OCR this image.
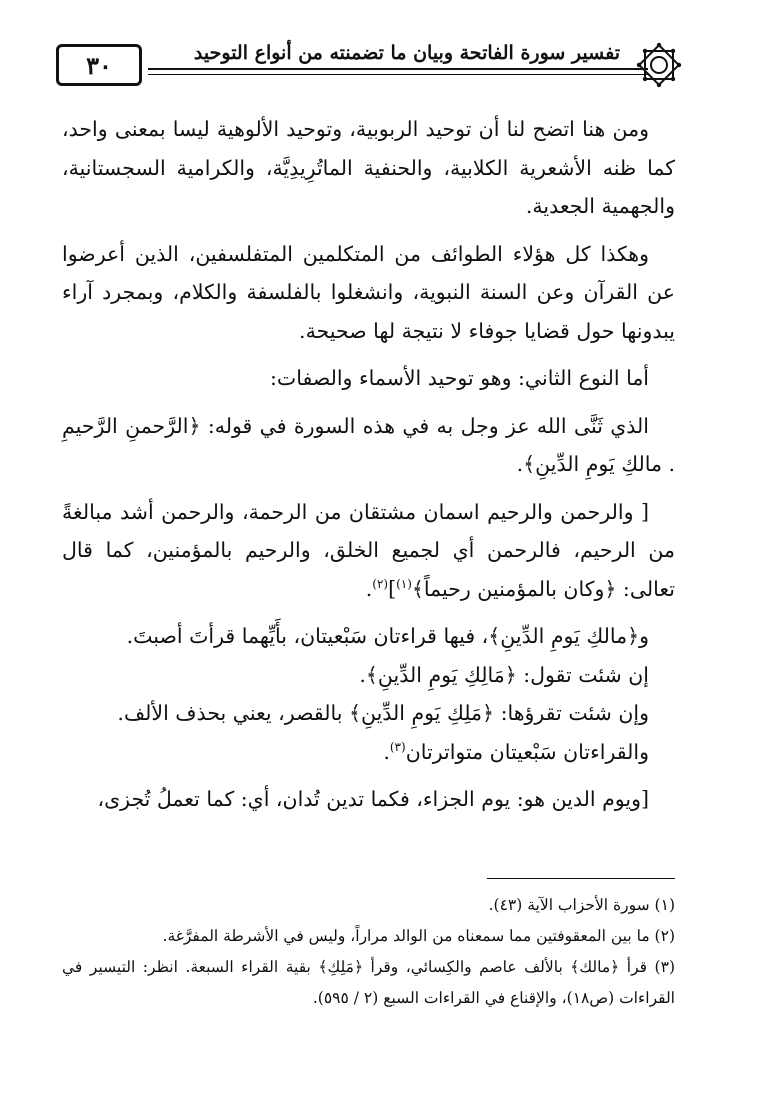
تفسير سورة الفاتحة وبيان ما تضمنته من أنواع التوحيد
٣٠

ومن هنا اتضح لنا أن توحيد الربوبية، وتوحيد الألوهية ليسا بمعنى واحد، كما ظنه الأشعرية الكلابية، والحنفية الماتُرِيدِيَّة، والكرامية السجستانية، والجهمية الجعدية.

وهكذا كل هؤلاء الطوائف من المتكلمين المتفلسفين، الذين أعرضوا عن القرآن وعن السنة النبوية، وانشغلوا بالفلسفة والكلام، وبمجرد آراء يبدونها حول قضايا جوفاء لا نتيجة لها صحيحة.

أما النوع الثاني: وهو توحيد الأسماء والصفات:

الذي ثَنَّى الله عز وجل به في هذه السورة في قوله: ﴿الرَّحمنِ الرَّحيمِ . مالكِ يَومِ الدِّينِ﴾.

[ والرحمن والرحيم اسمان مشتقان من الرحمة، والرحمن أشد مبالغةً من الرحيم، فالرحمن أي لجميع الخلق، والرحيم بالمؤمنين، كما قال تعالى: ﴿وكان بالمؤمنين رحيماً﴾$^{(١)}$]$^{(٢)}$.

و﴿مالكِ يَومِ الدِّينِ﴾، فيها قراءتان سَبْعيتان، بأَيِّهما قرأتَ أصبتَ.

إن شئت تقول: ﴿مَالِكِ يَومِ الدِّينِ﴾.

وإن شئت تقرؤها: ﴿مَلِكِ يَومِ الدِّينِ﴾ بالقصر، يعني بحذف الألف.

والقراءتان سَبْعيتان متواترتان$^{(٣)}$.

[ويوم الدين هو: يوم الجزاء، فكما تدين تُدان، أي: كما تعملُ تُجزى،

(١) سورة الأحزاب الآية (٤٣).

(٢) ما بين المعقوفتين مما سمعناه من الوالد مراراً، وليس في الأشرطة المفرَّغة.

(٣) قرأ ﴿مالك﴾ بالألف عاصم والكِسائي، وقرأ ﴿مَلِكِ﴾ بقية القراء السبعة. انظر: التيسير في القراءات (ص١٨)، والإقناع في القراءات السبع (٢ / ٥٩٥).
